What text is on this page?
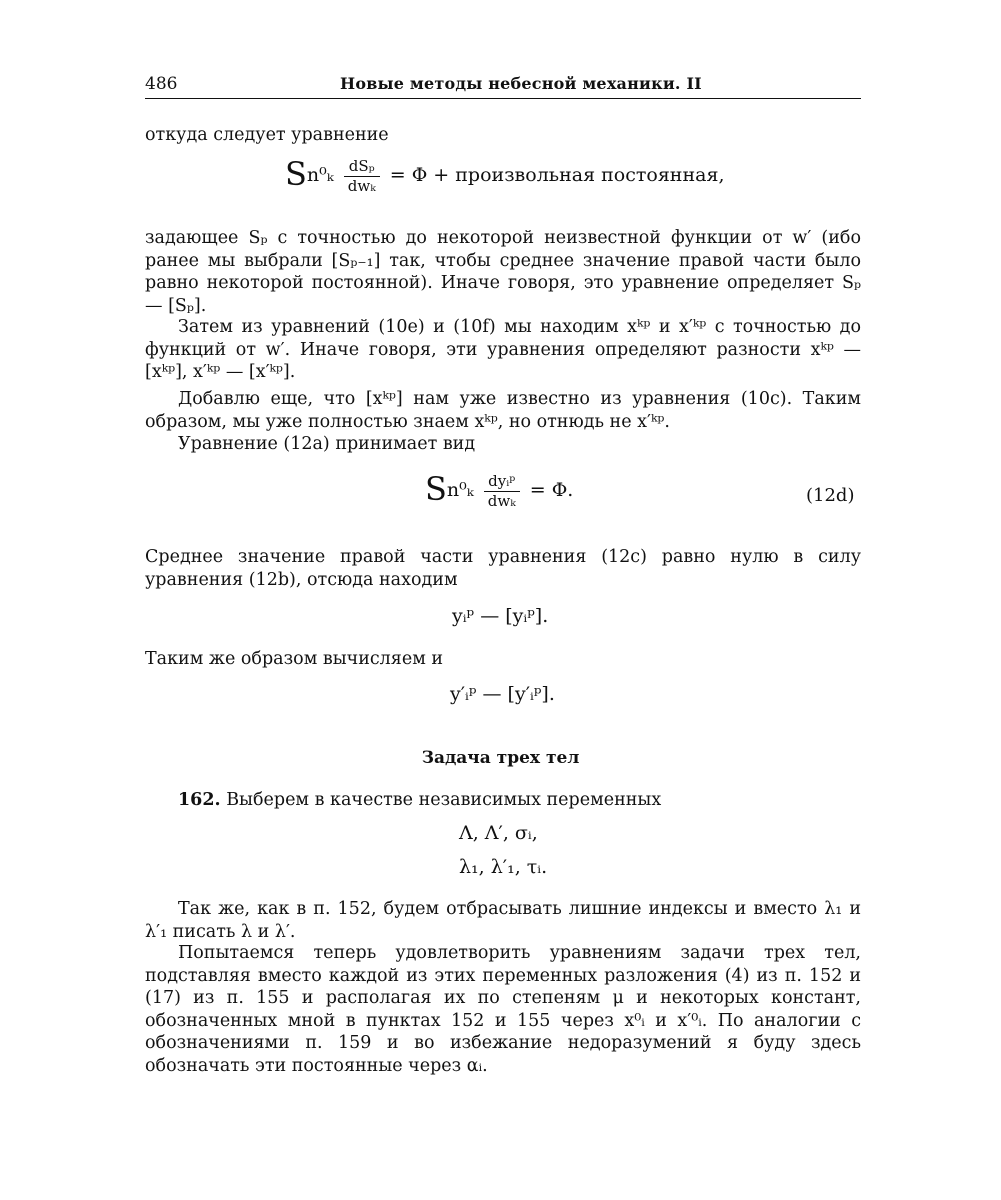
486	Новые методы небесной механики. II
откуда следует уравнение
$Sn^0_k \frac{\text{dSₚ}}{\text{dwₖ}} = \Phi$ + произвольная постоянная,
задающее Sₚ с точностью до некоторой неизвестной функции от w′ (ибо ранее мы выбрали [Sₚ₋₁] так, чтобы среднее значение правой части было равно некоторой постоянной). Иначе говоря, это уравнение определяет Sₚ — [Sₚ].
Затем из уравнений (10е) и (10f) мы находим xᵏᵖ и x′ᵏᵖ с точностью до функций от w′. Иначе говоря, эти уравнения определяют разности xᵏᵖ — [xᵏᵖ], x′ᵏᵖ — [x′ᵏᵖ].
Добавлю еще, что [xᵏᵖ] нам уже известно из уравнения (10с). Таким образом, мы уже полностью знаем xᵏᵖ, но отнюдь не x′ᵏᵖ.
Уравнение (12а) принимает вид
$Sn^0_k \frac{\text{dyᵢᵖ}}{\text{dwₖ}} = \Phi$.	(12d)
Среднее значение правой части уравнения (12с) равно нулю в силу уравнения (12b), отсюда находим
yᵢᵖ — [yᵢᵖ].
Таким же образом вычисляем и
y′ᵢᵖ — [y′ᵢᵖ].
Задача трех тел
162. Выберем в качестве независимых переменных
Λ, Λ′, σᵢ,
λ₁, λ′₁, τᵢ.
Так же, как в п. 152, будем отбрасывать лишние индексы и вместо λ₁ и λ′₁ писать λ и λ′.
Попытаемся теперь удовлетворить уравнениям задачи трех тел, подставляя вместо каждой из этих переменных разложения (4) из п. 152 и (17) из п. 155 и располагая их по степеням μ и некоторых констант, обозначенных мной в пунктах 152 и 155 через x⁰ᵢ и x′⁰ᵢ. По аналогии с обозначениями п. 159 и во избежание недоразумений я буду здесь обозначать эти постоянные через αᵢ.
